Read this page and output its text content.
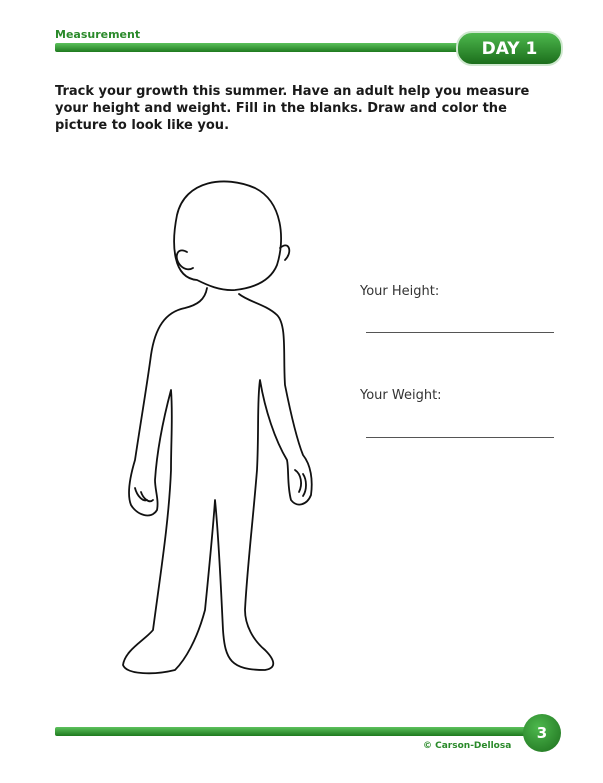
Measurement
DAY 1
Track your growth this summer. Have an adult help you measure your height and weight. Fill in the blanks. Draw and color the picture to look like you.
Your Height:
Your Weight:
3
© Carson-Dellosa
